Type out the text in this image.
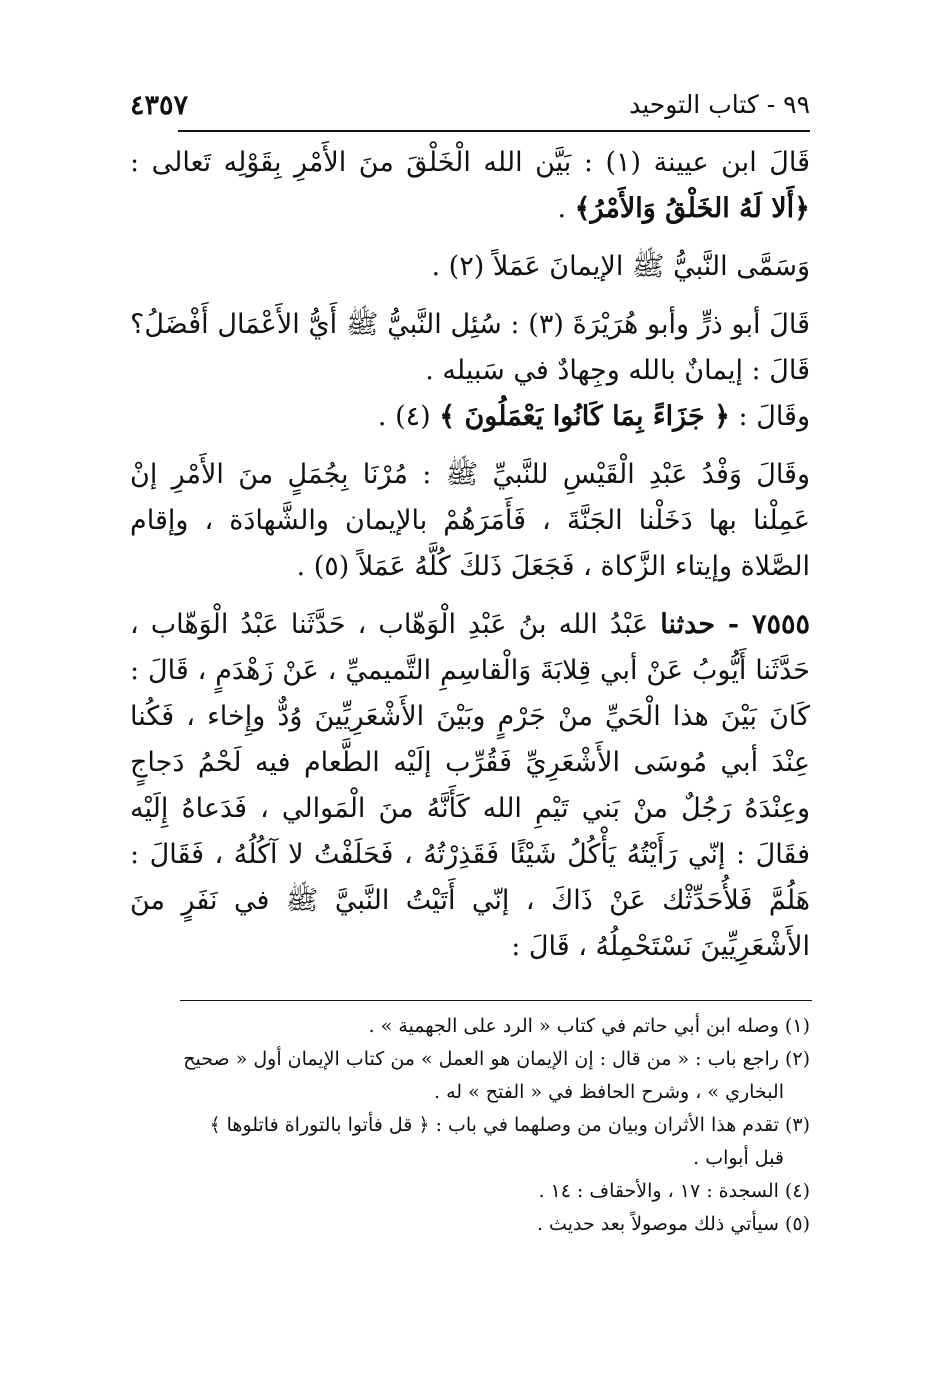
٩٩ - كتاب التوحيد
٤٣٥٧

قَالَ ابن عيينة (١) : بَيَّن الله الْخَلْقَ منَ الأَمْرِ بِقَوْلِه تَعالى : ﴿أَلا لَهُ الخَلْقُ وَالأَمْرُ﴾ .

وَسَمَّى النَّبيُّ ﷺ الإيمانَ عَمَلاً (٢) .

قَالَ أبو ذرٍّ وأبو هُرَيْرَةَ (٣) : سُئِل النَّبيُّ ﷺ أَيُّ الأَعْمَال أَفْضَلُ؟ قَالَ : إيمانٌ بالله وجِهادٌ في سَبيله .

وقَالَ : ﴿ جَزَاءً بِمَا كَانُوا يَعْمَلُونَ ﴾ (٤) .

وقَالَ وَفْدُ عَبْدِ الْقَيْسِ للنَّبيِّ ﷺ : مُرْنَا بِجُمَلٍ منَ الأَمْرِ إنْ عَمِلْنا بها دَخَلْنا الجَنَّةَ ، فَأَمَرَهُمْ بالإيمان والشَّهادَة ، وإقام الصَّلاة وإيتاء الزَّكاة ، فَجَعَلَ ذَلكَ كُلَّهُ عَمَلاً (٥) .

٧٥٥٥ - حدثنا عَبْدُ الله بنُ عَبْدِ الْوَهّاب ، حَدَّثَنا عَبْدُ الْوَهّاب ، حَدَّثَنا أَيُّوبُ عَنْ أبي قِلابَةَ وَالْقاسِمِ التَّميميِّ ، عَنْ زَهْدَمٍ ، قَالَ : كَانَ بَيْنَ هذا الْحَيِّ منْ جَرْمٍ وبَيْنَ الأَشْعَرِيِّينَ وُدٌّ وإِخاء ، فَكُنا عِنْدَ أبي مُوسَى الأَشْعَرِيِّ فَقُرِّب إلَيْه الطَّعام فيه لَحْمُ دَجاجٍ وعِنْدَهُ رَجُلٌ منْ بَني تَيْمِ الله كَأَنَّهُ منَ الْمَوالي ، فَدَعاهُ إِلَيْه فقَالَ : إنّي رَأَيْتُهُ يَأْكُلُ شَيْئًا فَقَذِرْتُهُ ، فَحَلَفْتُ لا آكُلُهُ ، فَقَالَ : هَلُمَّ فَلأُحَدِّثْك عَنْ ذَاكَ ، إنّي أَتَيْتُ النَّبيَّ ﷺ في نَفَرٍ منَ الأَشْعَرِيِّينَ نَسْتَحْمِلُهُ ، قَالَ :

(١) وصله ابن أبي حاتم في كتاب « الرد على الجهمية » .

(٢) راجع باب : « من قال : إن الإيمان هو العمل » من كتاب الإيمان أول « صحيح

البخاري » ، وشرح الحافظ في « الفتح » له .

(٣) تقدم هذا الأثران وبيان من وصلهما في باب : ﴿ قل فأتوا بالتوراة فاتلوها ﴾

قبل أبواب .

(٤) السجدة : ١٧ ، والأحقاف : ١٤ .

(٥) سيأتي ذلك موصولاً بعد حديث .
